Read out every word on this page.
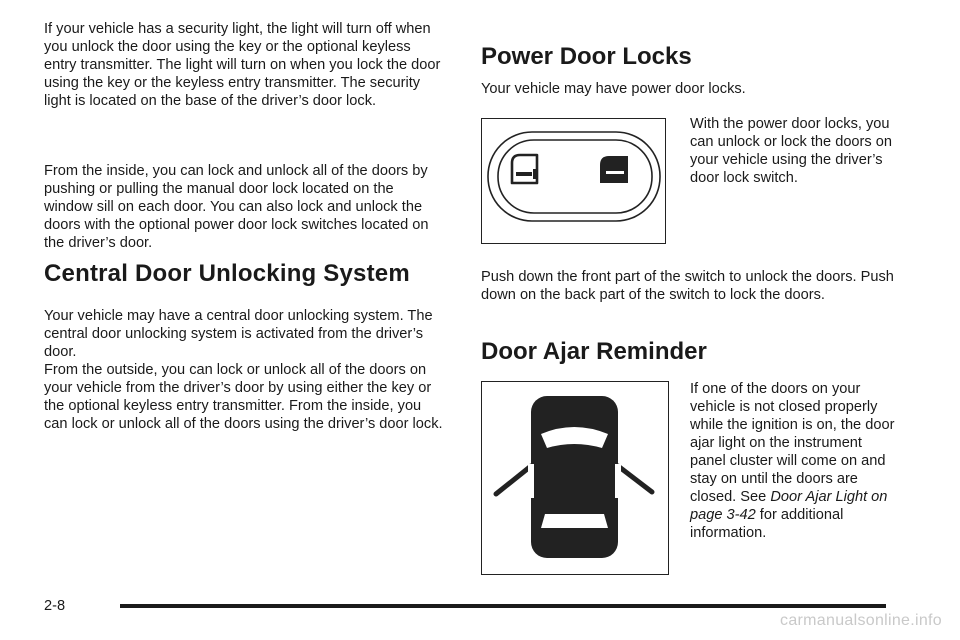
If your vehicle has a security light, the light will turn off when you unlock the door using the key or the optional keyless entry transmitter. The light will turn on when you lock the door using the key or the keyless entry transmitter. The security light is located on the base of the driver’s door lock.

From the inside, you can lock and unlock all of the doors by pushing or pulling the manual door lock located on the window sill on each door. You can also lock and unlock the doors with the optional power door lock switches located on the driver’s door.

Central Door Unlocking System

Your vehicle may have a central door unlocking system. The central door unlocking system is activated from the driver’s door.

From the outside, you can lock or unlock all of the doors on your vehicle from the driver’s door by using either the key or the optional keyless entry transmitter. From the inside, you can lock or unlock all of the doors using the driver’s door lock.

Power Door Locks

Your vehicle may have power door locks.

With the power door locks, you can unlock or lock the doors on your vehicle using the driver’s door lock switch.

Push down the front part of the switch to unlock the doors. Push down on the back part of the switch to lock the doors.

Door Ajar Reminder

If one of the doors on your vehicle is not closed properly while the ignition is on, the door ajar light on the instrument panel cluster will come on and stay on until the doors are closed. See Door Ajar Light on page 3-42 for additional information.

2-8
carmanualsonline.info
